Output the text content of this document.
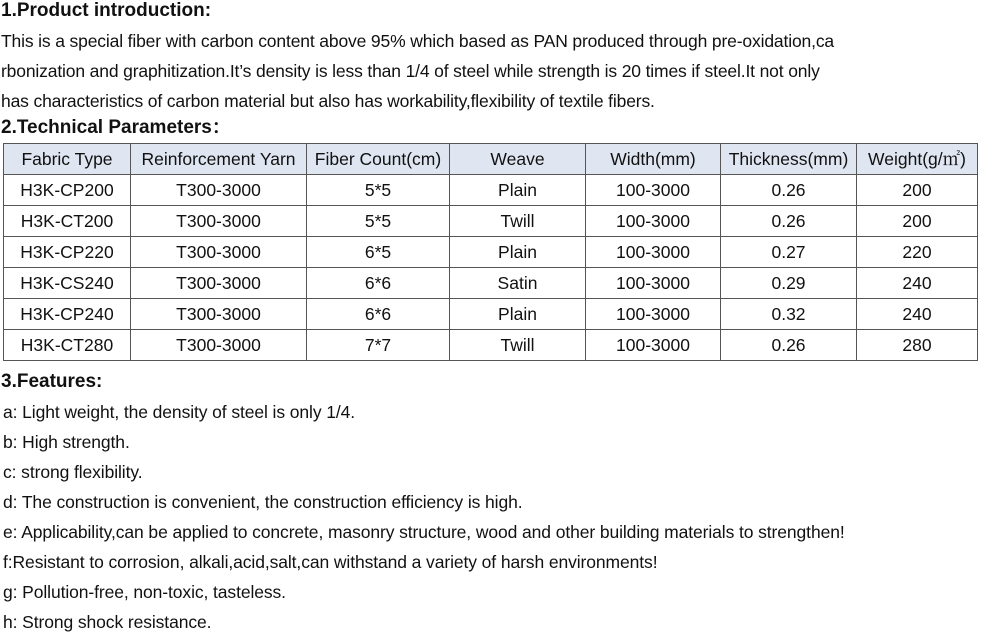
1.Product introduction:
This is a special fiber with carbon content above 95% which based as PAN produced through pre-oxidation,ca
rbonization and graphitization.It’s density is less than 1/4 of steel while strength is 20 times if steel.It not only
has characteristics of carbon material but also has workability,flexibility of textile fibers.
2.Technical Parameters：
Fabric Type	Reinforcement Yarn	Fiber Count(cm)	Weave	Width(mm)	Thickness(mm)	Weight(g/㎡)
H3K-CP200	T300-3000	5*5	Plain	100-3000	0.26	200
H3K-CT200	T300-3000	5*5	Twill	100-3000	0.26	200
H3K-CP220	T300-3000	6*5	Plain	100-3000	0.27	220
H3K-CS240	T300-3000	6*6	Satin	100-3000	0.29	240
H3K-CP240	T300-3000	6*6	Plain	100-3000	0.32	240
H3K-CT280	T300-3000	7*7	Twill	100-3000	0.26	280
3.Features:
a: Light weight, the density of steel is only 1/4.
b: High strength.
c: strong flexibility.
d: The construction is convenient, the construction efficiency is high.
e: Applicability,can be applied to concrete, masonry structure, wood and other building materials to strengthen!
f:Resistant to corrosion, alkali,acid,salt,can withstand a variety of harsh environments!
g: Pollution-free, non-toxic, tasteless.
h: Strong shock resistance.
